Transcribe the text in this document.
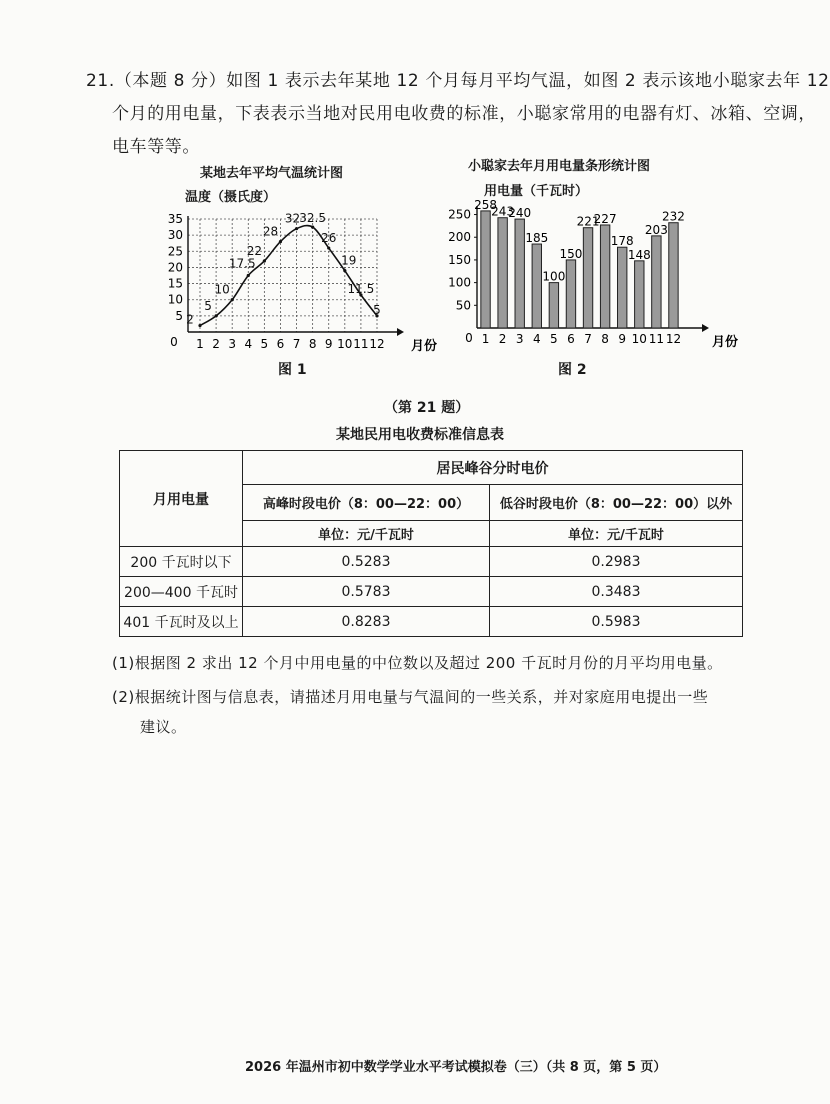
21.（本题 8 分）如图 1 表示去年某地 12 个月每月平均气温，如图 2 表示该地小聪家去年 12
个月的用电量，下表表示当地对民用电收费的标准，小聪家常用的电器有灯、冰箱、空调，
电车等等。
某地去年平均气温统计图
温度（摄氏度）
5
10
15
20
25
30
35
0 1 2 3 4 5 6 7 8 9 10 11 12 月份
2
5
10
17.5
22
28
32 32.5
26
19
11.5
5
图 1
小聪家去年月用电量条形统计图
用电量（千瓦时）
50
100
150
200
250
0	月份
1 2 3 4 5 6 7 8 9 10 11 12
258
243
240
185
100
150
221
227
178
148
203
232
图 2
（第 21 题）
某地民用电收费标准信息表
月用电量	居民峰谷分时电价	
	高峰时段电价（8：00—22：00）	低谷时段电价（8：00—22：00）以外
	单位：元/千瓦时	单位：元/千瓦时
200 千瓦时以下	0.5283	0.2983
200—400 千瓦时	0.5783	0.3483
401 千瓦时及以上	0.8283	0.5983
(1)根据图 2 求出 12 个月中用电量的中位数以及超过 200 千瓦时月份的月平均用电量。
(2)根据统计图与信息表，请描述月用电量与气温间的一些关系，并对家庭用电提出一些
建议。
2026 年温州市初中数学学业水平考试模拟卷（三）（共 8 页，第 5 页）
